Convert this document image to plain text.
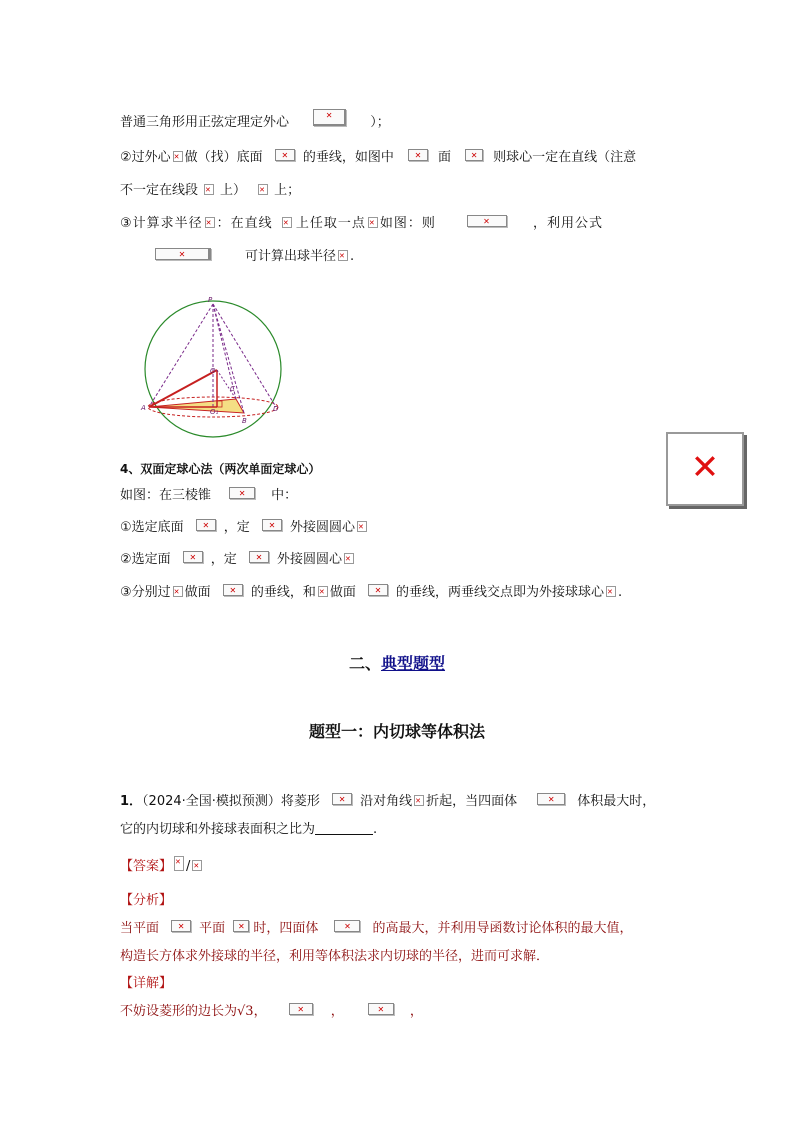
普通三角形用正弦定理定外心 ✕	）；
②过外心 ✕ 做（找）底面 ✕	的垂线，如图中 ✕	面 ✕	则球心一定在直线（注意
不一定在线段 ✕ 上） ✕ 上；
③计算求半径 ✕ ：在直线 ✕ 上任取一点 ✕ 如图：则 ✕	，利用公式
✕可计算出球半径 ✕ .
P
O
C
A	O₁
B
D
✕
4、双面定球心法（两次单面定球心）
如图：在三棱锥 ✕	中：
①选定底面 ✕	，定 ✕	外接圆圆心✕
②选定面 ✕	，定 ✕	外接圆圆心✕
③分别过 ✕ 做面 ✕	的垂线，和 ✕ 做面 ✕	的垂线，两垂线交点即为外接球球心 ✕ .
二、典型题型
题型一：内切球等体积法
1．（2024·全国·模拟预测）将菱形 ✕	沿对角线 ✕ 折起，当四面体 ✕	体积最大时，
它的内切球和外接球表面积之比为	.
【答案】 ✕ /✕
【分析】
当平面 ✕	平面 ✕ 时，四面体 ✕	的高最大，并利用导函数讨论体积的最大值，
构造长方体求外接球的半径，利用等体积法求内切球的半径，进而可求解．
【详解】
不妨设菱形的边长为√3， ✕	， ✕	，
